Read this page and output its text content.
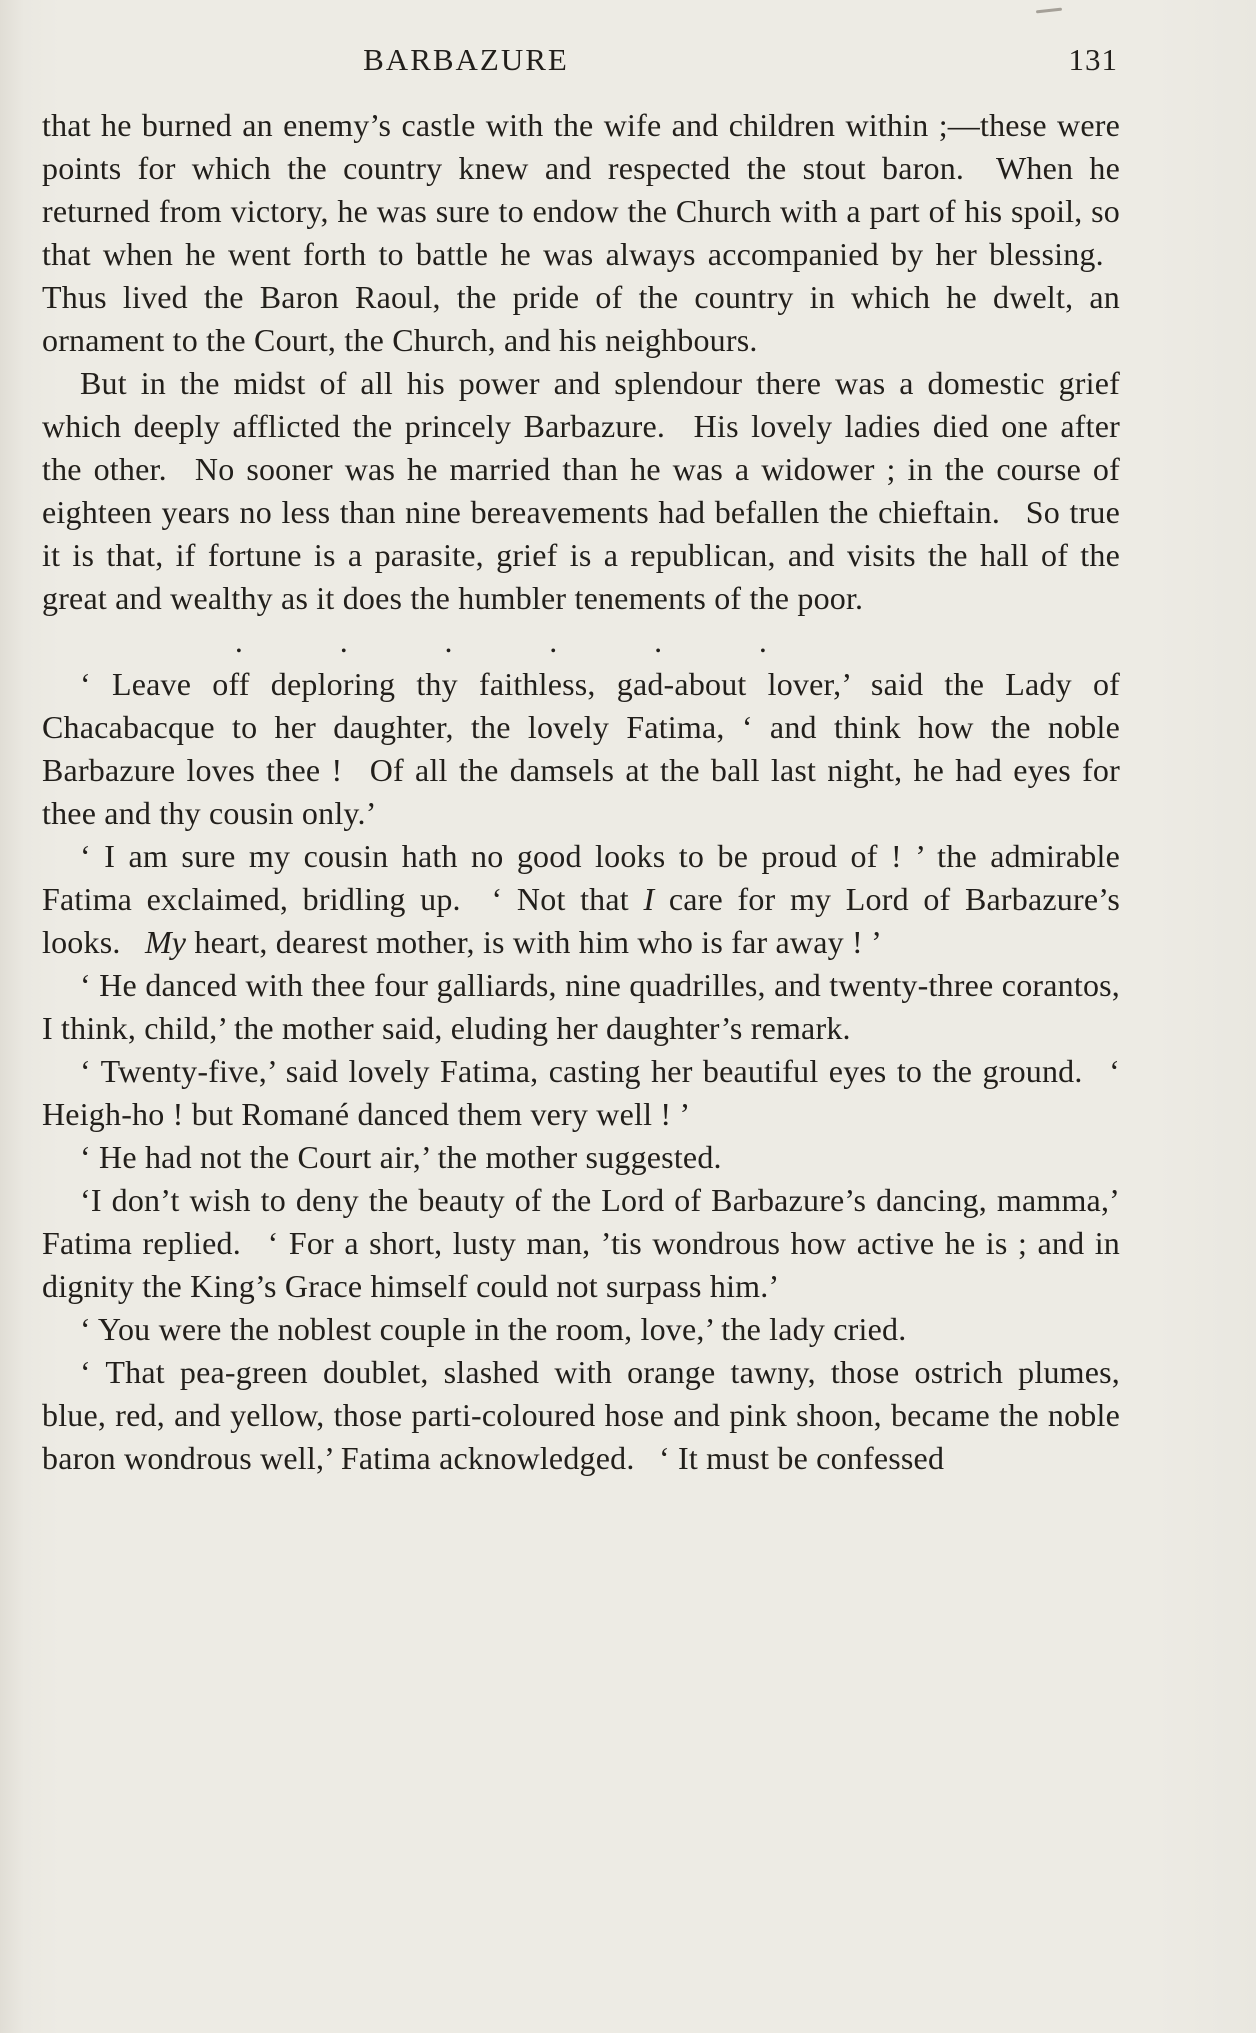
BARBAZURE	131

that he burned an enemy’s castle with the wife and children within ;—these were points for which the country knew and respected the stout baron.  When he returned from victory, he was sure to endow the Church with a part of his spoil, so that when he went forth to battle he was always accompanied by her blessing.  Thus lived the Baron Raoul, the pride of the country in which he dwelt, an ornament to the Court, the Church, and his neighbours.

But in the midst of all his power and splendour there was a domestic grief which deeply afflicted the princely Barbazure.  His lovely ladies died one after the other.  No sooner was he married than he was a widower ; in the course of eighteen years no less than nine bereavements had befallen the chieftain.  So true it is that, if fortune is a parasite, grief is a republican, and visits the hall of the great and wealthy as it does the humbler tenements of the poor.

.   .   .   .   .   .

‘ Leave off deploring thy faithless, gad-about lover,’ said the Lady of Chacabacque to her daughter, the lovely Fatima, ‘ and think how the noble Barbazure loves thee !  Of all the damsels at the ball last night, he had eyes for thee and thy cousin only.’

‘ I am sure my cousin hath no good looks to be proud of ! ’ the admirable Fatima exclaimed, bridling up.  ‘ Not that I care for my Lord of Barbazure’s looks.  My heart, dearest mother, is with him who is far away ! ’

‘ He danced with thee four galliards, nine quadrilles, and twenty-three corantos, I think, child,’ the mother said, eluding her daughter’s remark.

‘ Twenty-five,’ said lovely Fatima, casting her beautiful eyes to the ground.  ‘ Heigh-ho ! but Romané danced them very well ! ’

‘ He had not the Court air,’ the mother suggested.

‘I don’t wish to deny the beauty of the Lord of Barbazure’s dancing, mamma,’ Fatima replied.  ‘ For a short, lusty man, ’tis wondrous how active he is ; and in dignity the King’s Grace himself could not surpass him.’

‘ You were the noblest couple in the room, love,’ the lady cried.

‘ That pea-green doublet, slashed with orange tawny, those ostrich plumes, blue, red, and yellow, those parti-coloured hose and pink shoon, became the noble baron wondrous well,’ Fatima acknowledged.  ‘ It must be confessed
